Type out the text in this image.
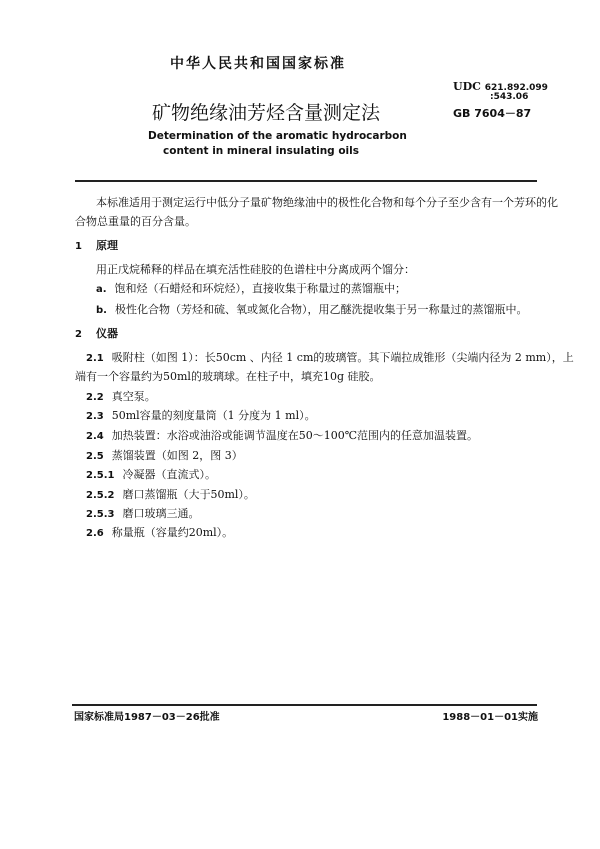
中华人民共和国国家标准
UDC 621.892.099
:543.06
矿物绝缘油芳烃含量测定法	GB 7604－87
Determination of the aromatic hydrocarbon
content in mineral insulating oils
本标准适用于测定运行中低分子量矿物绝缘油中的极性化合物和每个分子至少含有一个芳环的化
合物总重量的百分含量。
1 原理
用正戊烷稀释的样品在填充活性硅胶的色谱柱中分离成两个馏分：
a. 饱和烃（石蜡烃和环烷烃），直接收集于称量过的蒸馏瓶中；
b. 极性化合物（芳烃和硫、氧或氮化合物），用乙醚洗提收集于另一称量过的蒸馏瓶中。
2 仪器
2.1 吸附柱（如图 1）：长50cm 、内径 1 cm的玻璃管。其下端拉成锥形（尖端内径为 2 mm），上
端有一个容量约为50ml的玻璃球。在柱子中，填充10g 硅胶。
2.2 真空泵。
2.3 50ml容量的刻度量筒（1 分度为 1 ml）。
2.4 加热装置：水浴或油浴或能调节温度在50～100℃范围内的任意加温装置。
2.5 蒸馏装置（如图 2，图 3）
2.5.1 冷凝器（直流式）。
2.5.2 磨口蒸馏瓶（大于50ml）。
2.5.3 磨口玻璃三通。
2.6 称量瓶（容量约20ml）。
国家标准局1987－03－26批准	1988－01－01实施
